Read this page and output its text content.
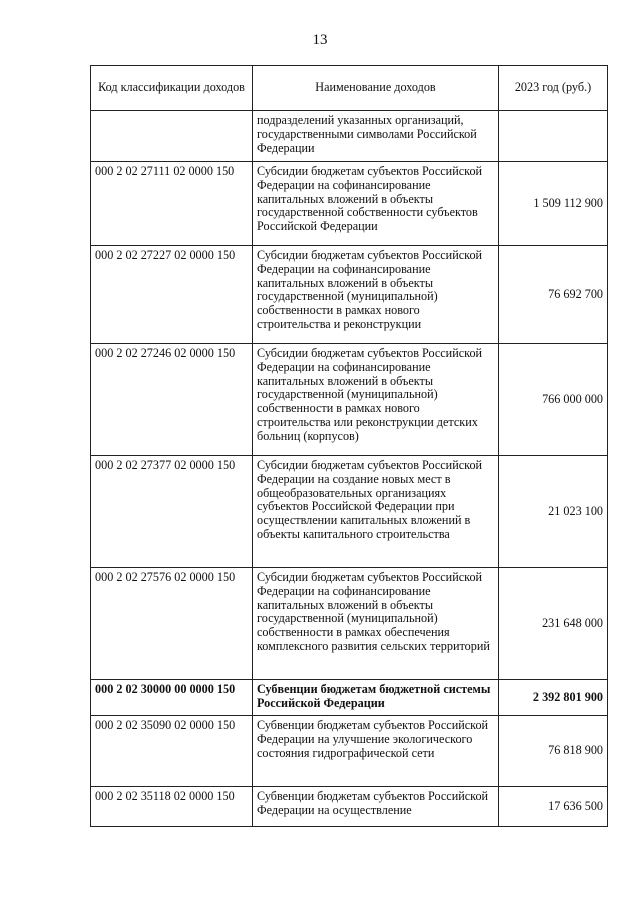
13
Код классификации доходов	Наименование доходов	2023 год (руб.)
	подразделений указанных организаций, государственными символами Российской Федерации	
000 2 02 27111 02 0000 150	Субсидии бюджетам субъектов Российской Федерации на софинансирование капитальных вложений в объекты государственной собственности субъектов Российской Федерации	1 509 112 900
000 2 02 27227 02 0000 150	Субсидии бюджетам субъектов Российской Федерации на софинансирование капитальных вложений в объекты государственной (муниципальной) собственности в рамках нового строительства и реконструкции	76 692 700
000 2 02 27246 02 0000 150	Субсидии бюджетам субъектов Российской Федерации на софинансирование капитальных вложений в объекты государственной (муниципальной) собственности в рамках нового строительства или реконструкции детских больниц (корпусов)	766 000 000
000 2 02 27377 02 0000 150	Субсидии бюджетам субъектов Российской Федерации на создание новых мест в общеобразовательных организациях субъектов Российской Федерации при осуществлении капитальных вложений в объекты капитального строительства	21 023 100
000 2 02 27576 02 0000 150	Субсидии бюджетам субъектов Российской Федерации на софинансирование капитальных вложений в объекты государственной (муниципальной) собственности в рамках обеспечения комплексного развития сельских территорий	231 648 000
000 2 02 30000 00 0000 150	Субвенции бюджетам бюджетной системы Российской Федерации	2 392 801 900
000 2 02 35090 02 0000 150	Субвенции бюджетам субъектов Российской Федерации на улучшение экологического состояния гидрографической сети	76 818 900
000 2 02 35118 02 0000 150	Субвенции бюджетам субъектов Российской Федерации на осуществление	17 636 500
